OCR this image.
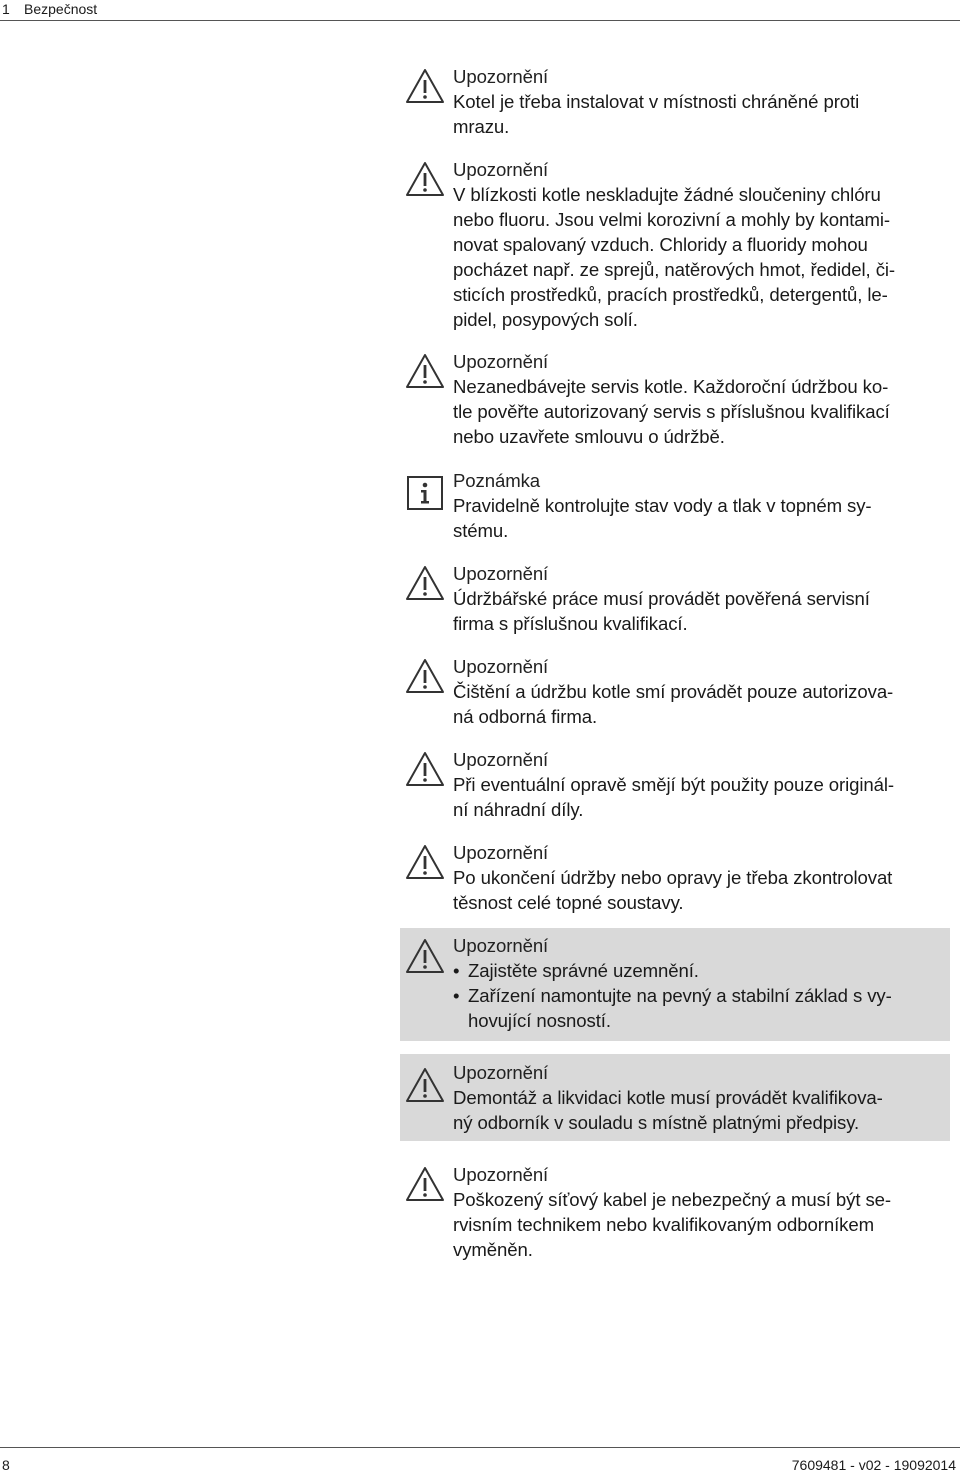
1 Bezpečnost
Upozornění
Kotel je třeba instalovat v místnosti chráněné proti
mrazu.
Upozornění
V blízkosti kotle neskladujte žádné sloučeniny chlóru
nebo fluoru. Jsou velmi korozivní a mohly by kontami-
novat spalovaný vzduch. Chloridy a fluoridy mohou
pocházet např. ze sprejů, natěrových hmot, ředidel, či-
sticích prostředků, pracích prostředků, detergentů, le-
pidel, posypových solí.
Upozornění
Nezanedbávejte servis kotle. Každoroční údržbou ko-
tle pověřte autorizovaný servis s příslušnou kvalifikací
nebo uzavřete smlouvu o údržbě.
Poznámka
Pravidelně kontrolujte stav vody a tlak v topném sy-
stému.
Upozornění
Údržbářské práce musí provádět pověřená servisní
firma s příslušnou kvalifikací.
Upozornění
Čištění a údržbu kotle smí provádět pouze autorizova-
ná odborná firma.
Upozornění
Při eventuální opravě smějí být použity pouze originál-
ní náhradní díly.
Upozornění
Po ukončení údržby nebo opravy je třeba zkontrolovat
těsnost celé topné soustavy.
Upozornění
• Zajistěte správné uzemnění.
• Zařízení namontujte na pevný a stabilní základ s vy-
hovující nosností.
Upozornění
Demontáž a likvidaci kotle musí provádět kvalifikova-
ný odborník v souladu s místně platnými předpisy.
Upozornění
Poškozený síťový kabel je nebezpečný a musí být se-
rvisním technikem nebo kvalifikovaným odborníkem
vyměněn.
8	7609481 - v02 - 19092014
